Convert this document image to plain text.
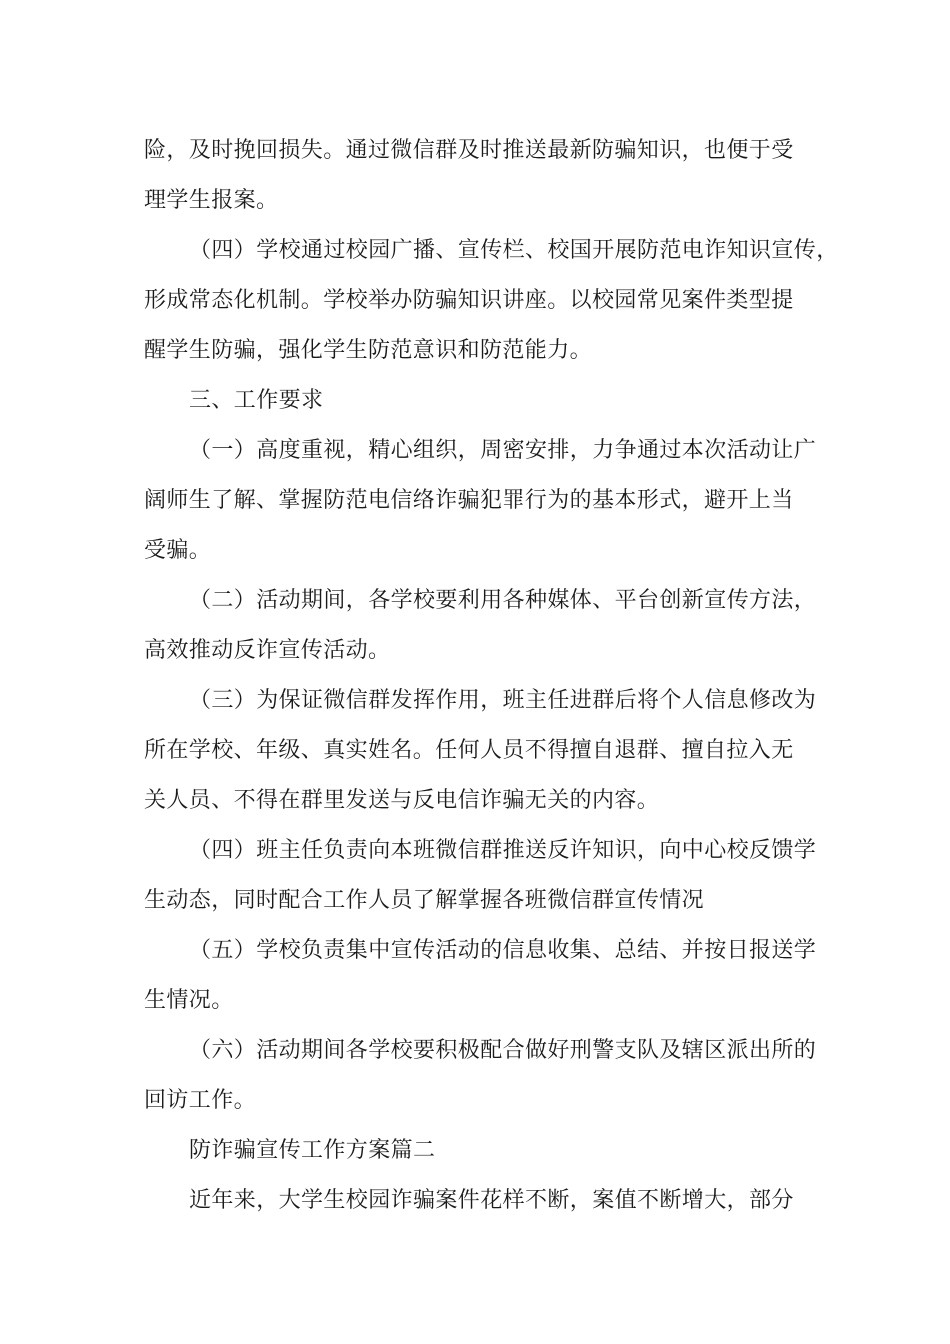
险，及时挽回损失。通过微信群及时推送最新防骗知识，也便于受
理学生报案。
（四）学校通过校园广播、宣传栏、校国开展防范电诈知识宣传，
形成常态化机制。学校举办防骗知识讲座。以校园常见案件类型提
醒学生防骗，强化学生防范意识和防范能力。
三、工作要求
（一）高度重视，精心组织，周密安排，力争通过本次活动让广
阔师生了解、掌握防范电信络诈骗犯罪行为的基本形式，避开上当
受骗。
（二）活动期间，各学校要利用各种媒体、平台创新宣传方法，
高效推动反诈宣传活动。
（三）为保证微信群发挥作用，班主任进群后将个人信息修改为
所在学校、年级、真实姓名。任何人员不得擅自退群、擅自拉入无
关人员、不得在群里发送与反电信诈骗无关的内容。
（四）班主任负责向本班微信群推送反许知识，向中心校反馈学
生动态，同时配合工作人员了解掌握各班微信群宣传情况
（五）学校负责集中宣传活动的信息收集、总结、并按日报送学
生情况。
（六）活动期间各学校要积极配合做好刑警支队及辖区派出所的
回访工作。
防诈骗宣传工作方案篇二
近年来，大学生校园诈骗案件花样不断，案值不断增大，部分
